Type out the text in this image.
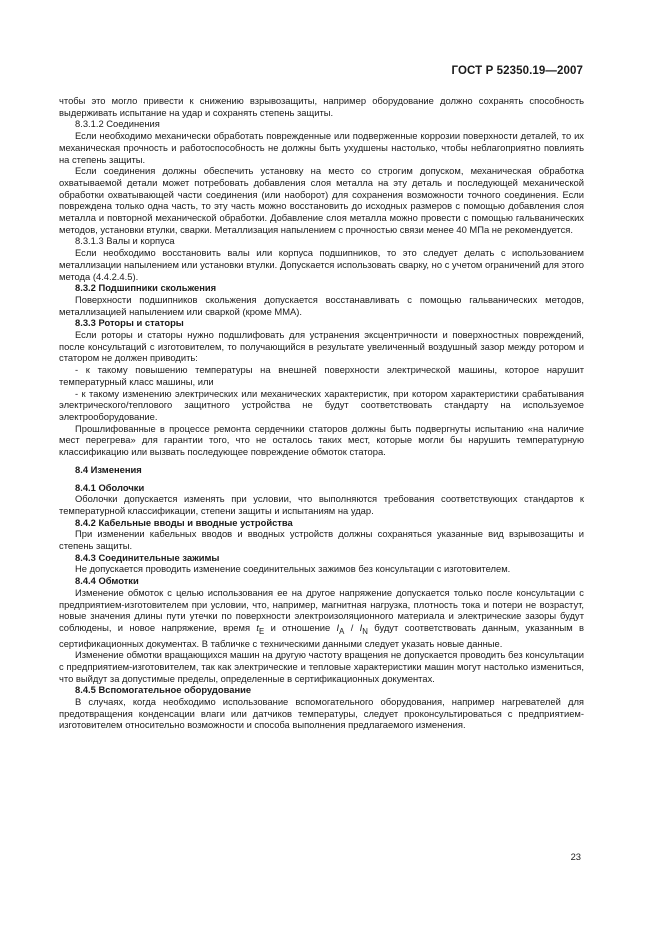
ГОСТ Р 52350.19—2007

чтобы это могло привести к снижению взрывозащиты, например оборудование должно сохранять способность выдерживать испытание на удар и сохранять степень защиты.

8.3.1.2 Соединения

Если необходимо механически обработать поврежденные или подверженные коррозии поверхности деталей, то их механическая прочность и работоспособность не должны быть ухудшены настолько, чтобы неблагоприятно повлиять на степень защиты.

Если соединения должны обеспечить установку на место со строгим допуском, механическая обработка охватываемой детали может потребовать добавления слоя металла на эту деталь и последующей механической обработки охватывающей части соединения (или наоборот) для сохранения возможности точного соединения. Если повреждена только одна часть, то эту часть можно восстановить до исходных размеров с помощью добавления слоя металла и повторной механической обработки. Добавление слоя металла можно провести с помощью гальванических методов, установки втулки, сварки. Металлизация напылением с прочностью связи менее 40 МПа не рекомендуется.

8.3.1.3 Валы и корпуса

Если необходимо восстановить валы или корпуса подшипников, то это следует делать с использованием металлизации напылением или установки втулки. Допускается использовать сварку, но с учетом ограничений для этого метода (4.4.2.4.5).

8.3.2 Подшипники скольжения

Поверхности подшипников скольжения допускается восстанавливать с помощью гальванических методов, металлизацией напылением или сваркой (кроме ММА).

8.3.3 Роторы и статоры

Если роторы и статоры нужно подшлифовать для устранения эксцентричности и поверхностных повреждений, после консультаций с изготовителем, то получающийся в результате увеличенный воздушный зазор между ротором и статором не должен приводить:

- к такому повышению температуры на внешней поверхности электрической машины, которое нарушит температурный класс машины, или

- к такому изменению электрических или механических характеристик, при котором характеристики срабатывания электрического/теплового защитного устройства не будут соответствовать стандарту на используемое электрооборудование.

Прошлифованные в процессе ремонта сердечники статоров должны быть подвергнуты испытанию «на наличие мест перегрева» для гарантии того, что не осталось таких мест, которые могли бы нарушить температурную классификацию или вызвать последующее повреждение обмоток статора.

8.4 Изменения
8.4.1 Оболочки

Оболочки допускается изменять при условии, что выполняются требования соответствующих стандартов к температурной классификации, степени защиты и испытаниям на удар.

8.4.2 Кабельные вводы и вводные устройства

При изменении кабельных вводов и вводных устройств должны сохраняться указанные вид взрывозащиты и степень защиты.

8.4.3 Соединительные зажимы

Не допускается проводить изменение соединительных зажимов без консультации с изготовителем.

8.4.4 Обмотки

Изменение обмоток с целью использования ее на другое напряжение допускается только после консультации с предприятием-изготовителем при условии, что, например, магнитная нагрузка, плотность тока и потери не возрастут, новые значения длины пути утечки по поверхности электроизоляционного материала и электрические зазоры будут соблюдены, и новое напряжение, время $t_E$ и отношение $I_A / I_N$ будут соответствовать данным, указанным в сертификационных документах. В табличке с техническими данными следует указать новые данные.

Изменение обмотки вращающихся машин на другую частоту вращения не допускается проводить без консультации с предприятием-изготовителем, так как электрические и тепловые характеристики машин могут настолько измениться, что выйдут за допустимые пределы, определенные в сертификационных документах.

8.4.5 Вспомогательное оборудование

В случаях, когда необходимо использование вспомогательного оборудования, например нагревателей для предотвращения конденсации влаги или датчиков температуры, следует проконсультироваться с предприятием-изготовителем относительно возможности и способа выполнения предлагаемого изменения.

23
